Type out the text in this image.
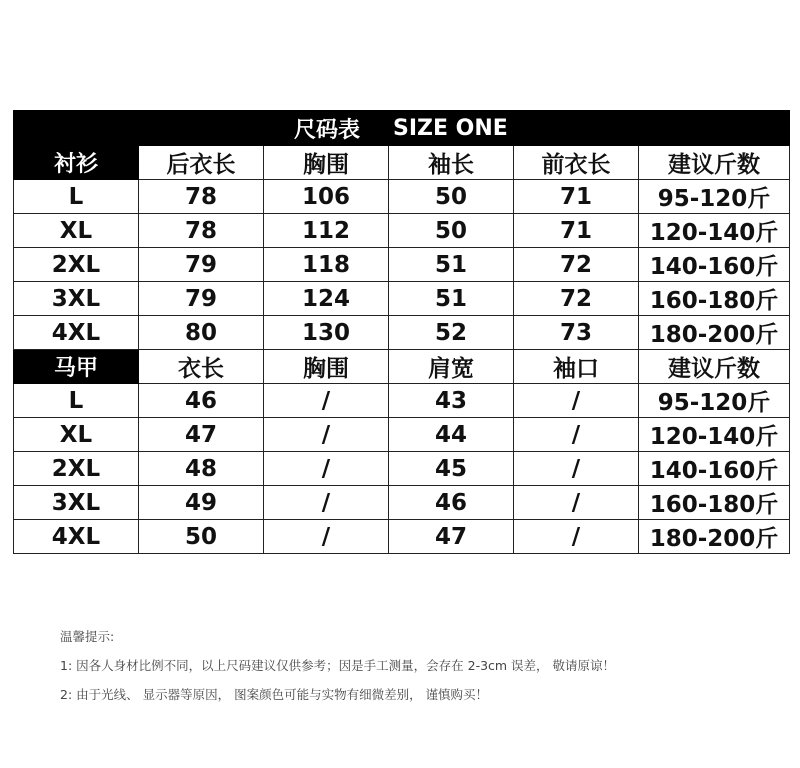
尺码表			SIZE ONE		
衬衫	后衣长	胸围	袖长	前衣长	建议斤数
L	78	106	50	71	95-120斤
XL	78	112	50	71	120-140斤
2XL	79	118	51	72	140-160斤
3XL	79	124	51	72	160-180斤
4XL	80	130	52	73	180-200斤
马甲	衣长	胸围	肩宽	袖口	建议斤数
L	46	/	43	/	95-120斤
XL	47	/	44	/	120-140斤
2XL	48	/	45	/	140-160斤
3XL	49	/	46	/	160-180斤
4XL	50	/	47	/	180-200斤
温馨提示:
1: 因各人身材比例不同，以上尺码建议仅供参考；因是手工测量，会存在 2-3cm 误差， 敬请原谅！
2: 由于光线、 显示器等原因， 图案颜色可能与实物有细微差别， 谨慎购买！
